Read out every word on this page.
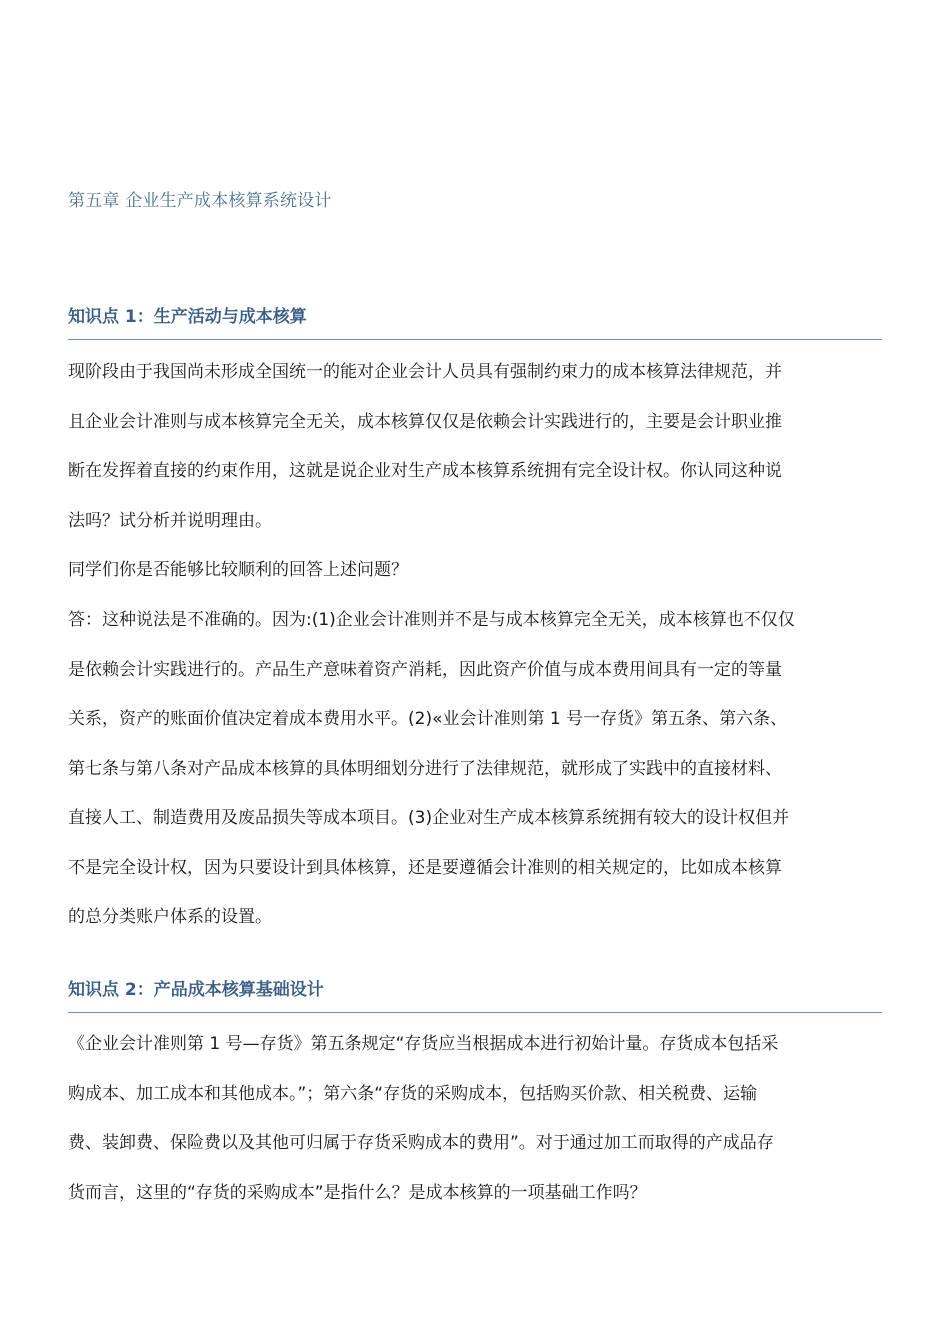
第五章 企业生产成本核算系统设计
知识点 1：生产活动与成本核算
现阶段由于我国尚未形成全国统一的能对企业会计人员具有强制约束力的成本核算法律规范，并
且企业会计准则与成本核算完全无关，成本核算仅仅是依赖会计实践进行的，主要是会计职业推
断在发挥着直接的约束作用，这就是说企业对生产成本核算系统拥有完全设计权。你认同这种说
法吗？试分析并说明理由。
同学们你是否能够比较顺利的回答上述问题？
答：这种说法是不准确的。因为:(1)企业会计准则并不是与成本核算完全无关，成本核算也不仅仅
是依赖会计实践进行的。产品生产意味着资产消耗，因此资产价值与成本费用间具有一定的等量
关系，资产的账面价值决定着成本费用水平。(2)«业会计准则第 1 号一存货》第五条、第六条、
第七条与第八条对产品成本核算的具体明细划分进行了法律规范，就形成了实践中的直接材料、
直接人工、制造费用及废品损失等成本项目。(3)企业对生产成本核算系统拥有较大的设计权但并
不是完全设计权，因为只要设计到具体核算，还是要遵循会计准则的相关规定的，比如成本核算
的总分类账户体系的设置。
知识点 2：产品成本核算基础设计
《企业会计准则第 1 号—存货》第五条规定“存货应当根据成本进行初始计量。存货成本包括采
购成本、加工成本和其他成本。”；第六条“存货的采购成本，包括购买价款、相关税费、运输
费、装卸费、保险费以及其他可归属于存货采购成本的费用”。对于通过加工而取得的产成品存
货而言，这里的“存货的采购成本”是指什么？是成本核算的一项基础工作吗？
